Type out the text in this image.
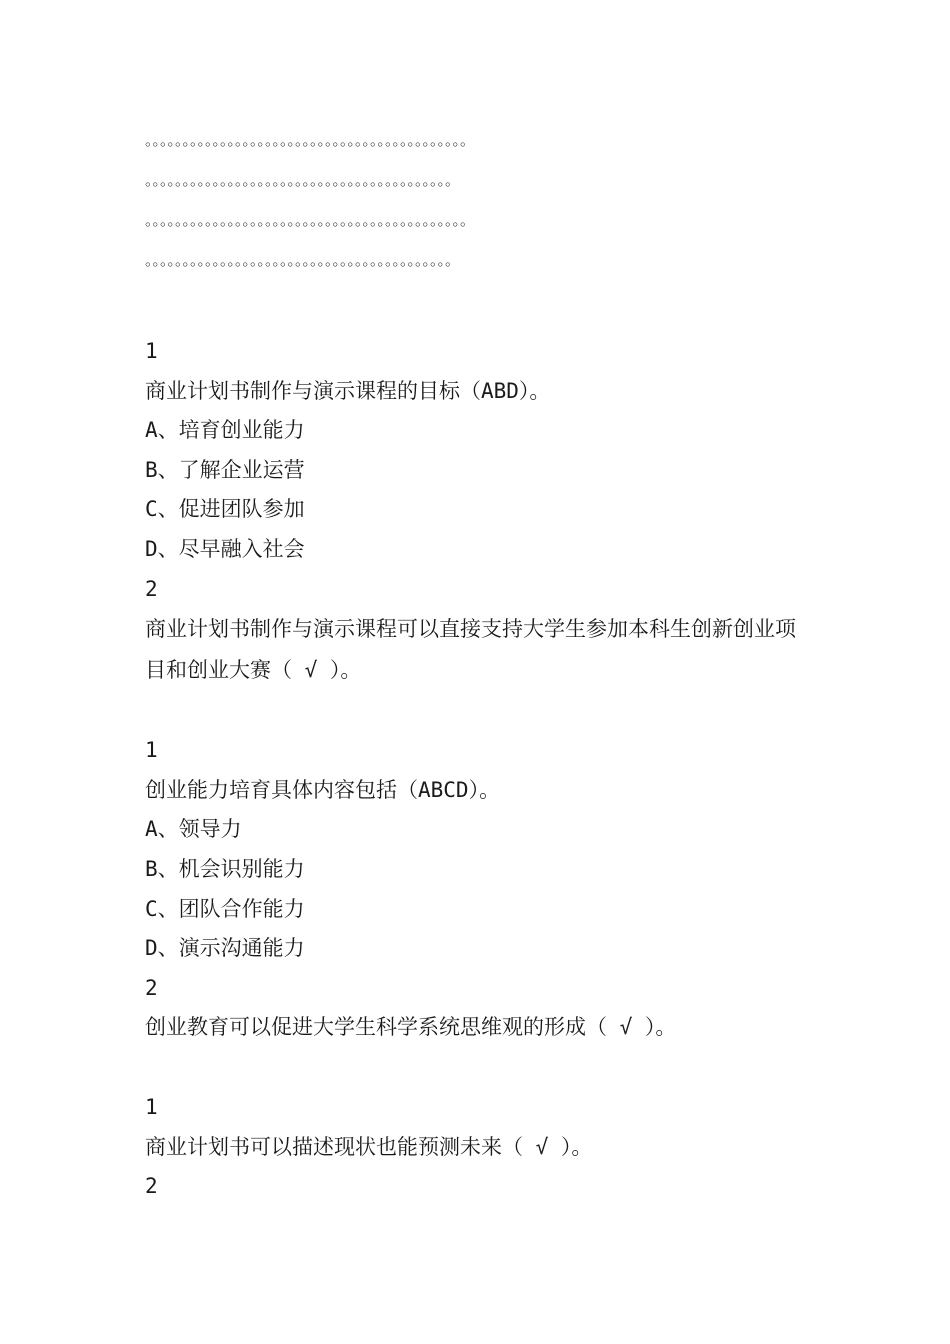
。。。。。。。。。。。。。。。。。。。。。。。。。。。。。。。。。。。。。。。。。。。
。。。。。。。。。。。。。。。。。。。。。。。。。。。。。。。。。。。。。。。。。
。。。。。。。。。。。。。。。。。。。。。。。。。。。。。。。。。。。。。。。。。。。
。。。。。。。。。。。。。。。。。。。。。。。。。。。。。。。。。。。。。。。。。
1
商业计划书制作与演示课程的目标（ABD）。
A、培育创业能力
B、了解企业运营
C、促进团队参加
D、尽早融入社会
2
商业计划书制作与演示课程可以直接支持大学生参加本科生创新创业项目和创业大赛（ √ ）。
1
创业能力培育具体内容包括（ABCD）。
A、领导力
B、机会识别能力
C、团队合作能力
D、演示沟通能力
2
创业教育可以促进大学生科学系统思维观的形成（ √ ）。
1
商业计划书可以描述现状也能预测未来（ √ ）。
2
